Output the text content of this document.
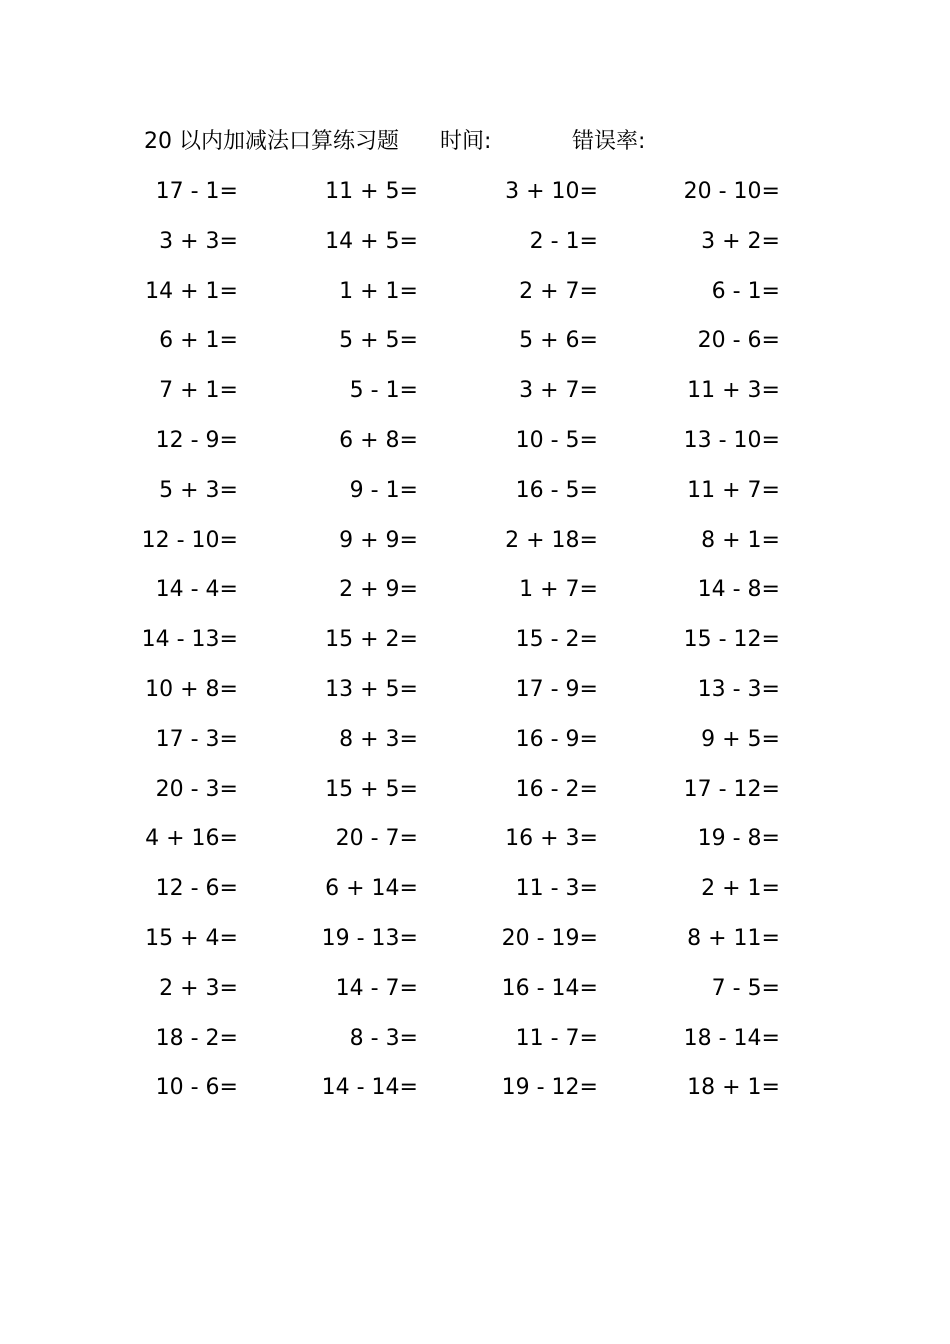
20 以内加减法口算练习题 时间:	错误率:
17 - 1=	11 + 5=	3 + 10=	20 - 10=
3 + 3=	14 + 5=	2 - 1=	3 + 2=
14 + 1=	1 + 1=	2 + 7=	6 - 1=
6 + 1=	5 + 5=	5 + 6=	20 - 6=
7 + 1=	5 - 1=	3 + 7=	11 + 3=
12 - 9=	6 + 8=	10 - 5=	13 - 10=
5 + 3=	9 - 1=	16 - 5=	11 + 7=
12 - 10=	9 + 9=	2 + 18=	8 + 1=
14 - 4=	2 + 9=	1 + 7=	14 - 8=
14 - 13=	15 + 2=	15 - 2=	15 - 12=
10 + 8=	13 + 5=	17 - 9=	13 - 3=
17 - 3=	8 + 3=	16 - 9=	9 + 5=
20 - 3=	15 + 5=	16 - 2=	17 - 12=
4 + 16=	20 - 7=	16 + 3=	19 - 8=
12 - 6=	6 + 14=	11 - 3=	2 + 1=
15 + 4=	19 - 13=	20 - 19=	8 + 11=
2 + 3=	14 - 7=	16 - 14=	7 - 5=
18 - 2=	8 - 3=	11 - 7=	18 - 14=
10 - 6=	14 - 14=	19 - 12=	18 + 1=
